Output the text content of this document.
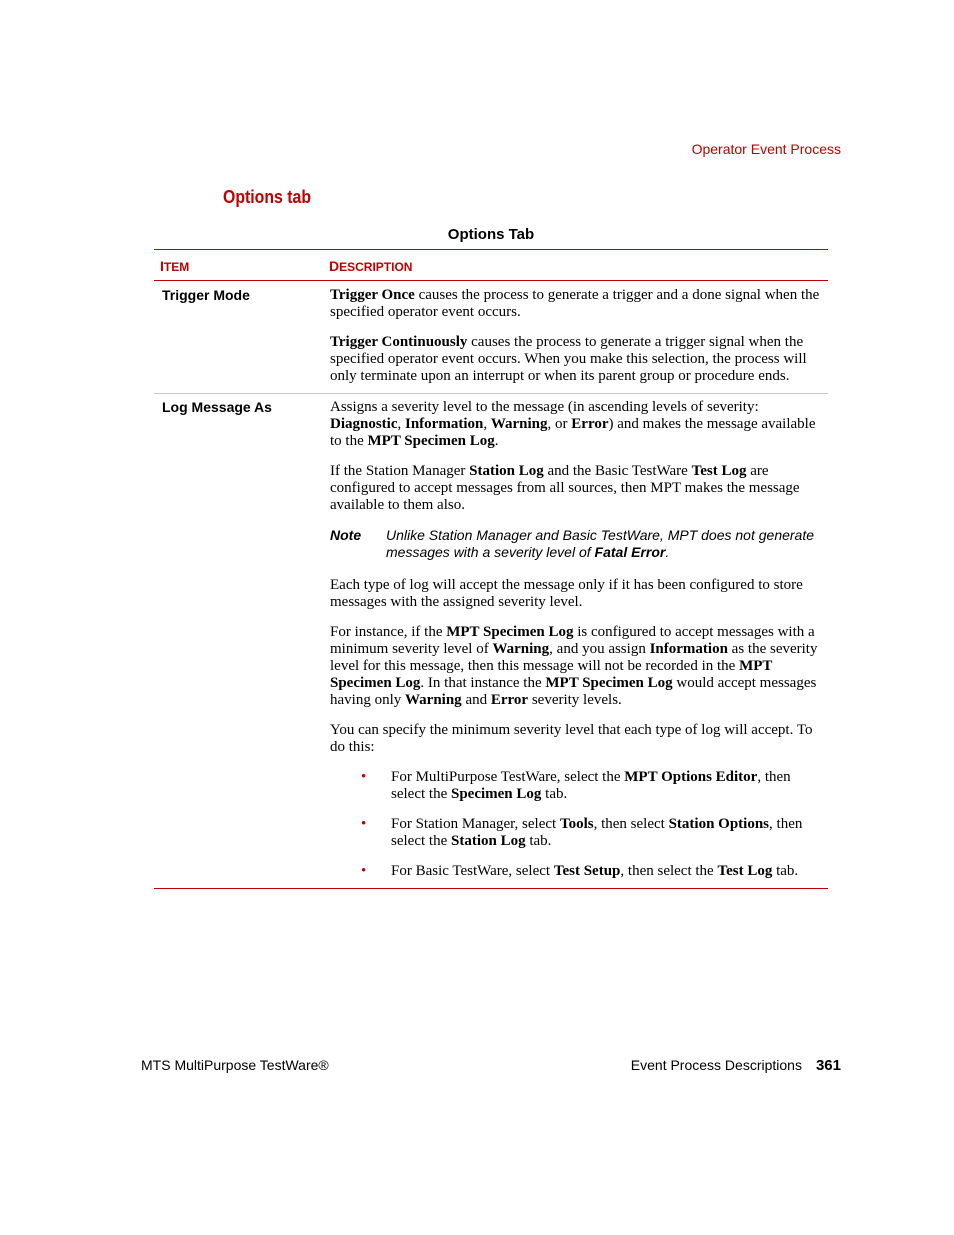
Operator Event Process
Options tab
Options Tab
ITEM	DESCRIPTION
Trigger Mode	Trigger Once causes the process to generate a trigger and a done signal when the specified operator event occurs.

Trigger Continuously causes the process to generate a trigger signal when the specified operator event occurs. When you make this selection, the process will only terminate upon an interrupt or when its parent group or procedure ends.

Log Message As	Assigns a severity level to the message (in ascending levels of severity: Diagnostic, Information, Warning, or Error) and makes the message available to the MPT Specimen Log.

If the Station Manager Station Log and the Basic TestWare Test Log are configured to accept messages from all sources, then MPT makes the message available to them also.

Note	Unlike Station Manager and Basic TestWare, MPT does not generate messages with a severity level of Fatal Error.

Each type of log will accept the message only if it has been configured to store messages with the assigned severity level.

For instance, if the MPT Specimen Log is configured to accept messages with a minimum severity level of Warning, and you assign Information as the severity level for this message, then this message will not be recorded in the MPT Specimen Log. In that instance the MPT Specimen Log would accept messages having only Warning and Error severity levels.

You can specify the minimum severity level that each type of log will accept. To do this:

• For MultiPurpose TestWare, select the MPT Options Editor, then select the Specimen Log tab.
• For Station Manager, select Tools, then select Station Options, then select the Station Log tab.
• For Basic TestWare, select Test Setup, then select the Test Log tab.
MTS MultiPurpose TestWare®	Event Process Descriptions 361
